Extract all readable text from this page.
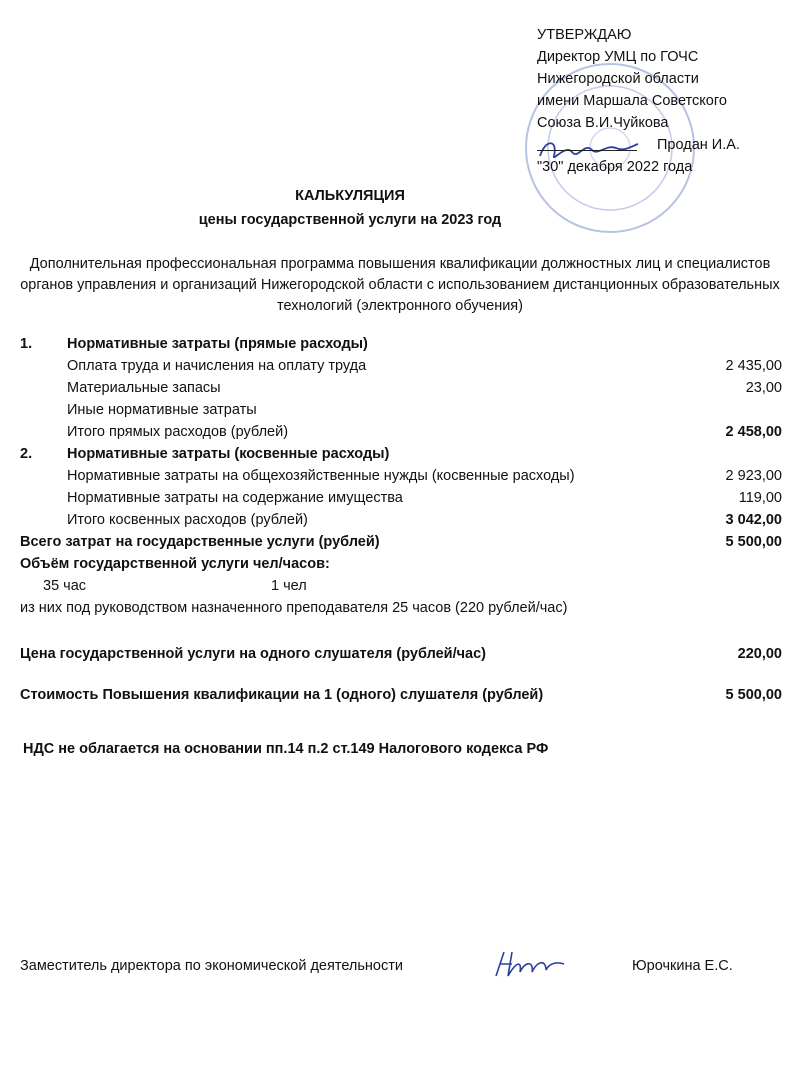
УТВЕРЖДАЮ
Директор УМЦ по ГОЧС
Нижегородской области
имени Маршала Советского
Союза В.И.Чуйкова
Продан И.А.
"30" декабря 2022 года
КАЛЬКУЛЯЦИЯ
цены государственной услуги на 2023 год
Дополнительная профессиональная программа повышения квалификации должностных лиц и специалистов органов управления и организаций Нижегородской области с использованием дистанционных образовательных технологий (электронного обучения)
1. Нормативные затраты (прямые расходы)
Оплата труда и начисления на оплату труда	2 435,00
Материальные запасы	23,00
Иные нормативные затраты
Итого прямых расходов (рублей)	2 458,00
2. Нормативные затраты (косвенные расходы)
Нормативные затраты на общехозяйственные нужды (косвенные расходы)	2 923,00
Нормативные затраты на содержание имущества	119,00
Итого косвенных расходов (рублей)	3 042,00
Всего затрат на государственные услуги (рублей)	5 500,00
Объём государственной услуги чел/часов:
35 час	1 чел
из них под руководством назначенного преподавателя 25 часов (220 рублей/час)
Цена государственной услуги на одного слушателя (рублей/час)	220,00
Стоимость Повышения квалификации на 1 (одного) слушателя (рублей)	5 500,00
НДС не облагается на основании пп.14 п.2 ст.149 Налогового кодекса РФ
Заместитель директора по экономической деятельности	Юрочкина Е.С.
